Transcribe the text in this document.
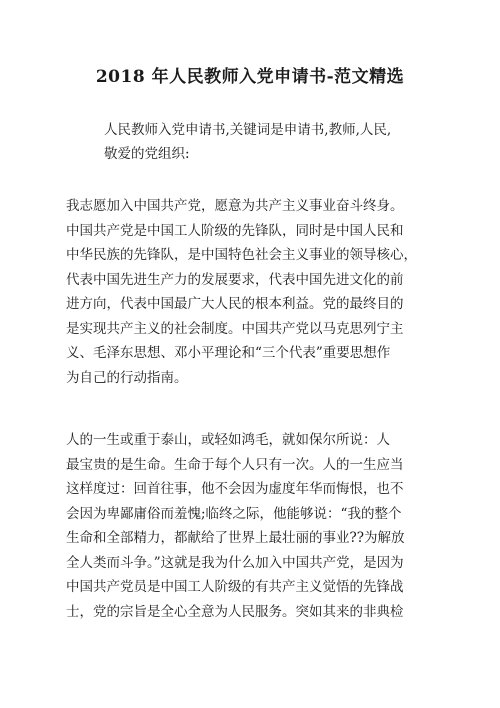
2018 年人民教师入党申请书-范文精选
人民教师入党申请书,关键词是申请书,教师,人民,
敬爱的党组织:
我志愿加入中国共产党，愿意为共产主义事业奋斗终身。
中国共产党是中国工人阶级的先锋队，同时是中国人民和
中华民族的先锋队，是中国特色社会主义事业的领导核心，
代表中国先进生产力的发展要求，代表中国先进文化的前
进方向，代表中国最广大人民的根本利益。党的最终目的
是实现共产主义的社会制度。中国共产党以马克思列宁主
义、毛泽东思想、邓小平理论和“三个代表”重要思想作
为自己的行动指南。
人的一生或重于泰山，或轻如鸿毛，就如保尔所说：人
最宝贵的是生命。生命于每个人只有一次。人的一生应当
这样度过：回首往事，他不会因为虚度年华而悔恨，也不
会因为卑鄙庸俗而羞愧;临终之际，他能够说：“我的整个
生命和全部精力，都献给了世界上最壮丽的事业??为解放
全人类而斗争。”这就是我为什么加入中国共产党，是因为
中国共产党员是中国工人阶级的有共产主义觉悟的先锋战
士，党的宗旨是全心全意为人民服务。突如其来的非典检
